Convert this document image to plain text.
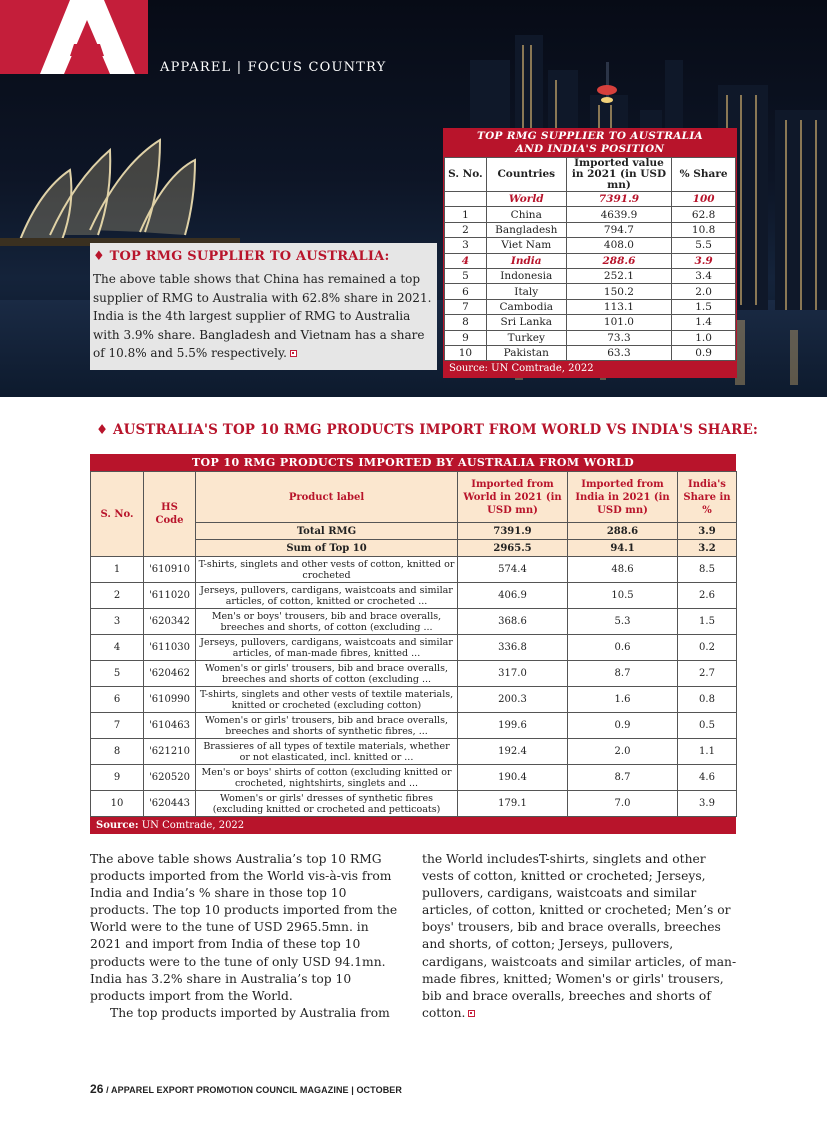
APPAREL | FOCUS COUNTRY
♦ TOP RMG SUPPLIER TO AUSTRALIA:

The above table shows that China has remained a top supplier of RMG to Australia with 62.8% share in 2021. India is the 4th largest supplier of RMG to Australia with 3.9% share. Bangladesh and Vietnam has a share of 10.8% and 5.5% respectively.

TOP RMG SUPPLIER TO AUSTRALIA
AND INDIA'S POSITION
S. No.	Countries	Imported value in 2021 (in USD mn)	% Share
	World	7391.9	100
1	China	4639.9	62.8
2	Bangladesh	794.7	10.8
3	Viet Nam	408.0	5.5
4	India	288.6	3.9
5	Indonesia	252.1	3.4
6	Italy	150.2	2.0
7	Cambodia	113.1	1.5
8	Sri Lanka	101.0	1.4
9	Turkey	73.3	1.0
10	Pakistan	63.3	0.9
Source: UN Comtrade, 2022
♦ AUSTRALIA'S TOP 10 RMG PRODUCTS IMPORT FROM WORLD VS INDIA'S SHARE:
TOP 10 RMG PRODUCTS IMPORTED BY AUSTRALIA FROM WORLD
S. No.	HS Code	Product label	Imported from World in 2021 (in USD mn)	Imported from India in 2021 (in USD mn)	India's Share in %
		Total RMG	7391.9	288.6	3.9
		Sum of Top 10	2965.5	94.1	3.2
1	'610910	T-shirts, singlets and other vests of cotton, knitted or crocheted	574.4	48.6	8.5
2	'611020	Jerseys, pullovers, cardigans, waistcoats and similar articles, of cotton, knitted or crocheted ...	406.9	10.5	2.6
3	'620342	Men's or boys' trousers, bib and brace overalls, breeches and shorts, of cotton (excluding ...	368.6	5.3	1.5
4	'611030	Jerseys, pullovers, cardigans, waistcoats and similar articles, of man-made fibres, knitted ...	336.8	0.6	0.2
5	'620462	Women's or girls' trousers, bib and brace overalls, breeches and shorts of cotton (excluding ...	317.0	8.7	2.7
6	'610990	T-shirts, singlets and other vests of textile materials, knitted or crocheted (excluding cotton)	200.3	1.6	0.8
7	'610463	Women's or girls' trousers, bib and brace overalls, breeches and shorts of synthetic fibres, ...	199.6	0.9	0.5
8	'621210	Brassieres of all types of textile materials, whether or not elasticated, incl. knitted or ...	192.4	2.0	1.1
9	'620520	Men's or boys' shirts of cotton (excluding knitted or crocheted, nightshirts, singlets and ...	190.4	8.7	4.6
10	'620443	Women's or girls' dresses of synthetic fibres (excluding knitted or crocheted and petticoats)	179.1	7.0	3.9
Source: UN Comtrade, 2022

The above table shows Australia’s top 10 RMG products imported from the World vis-à-vis from India and India’s % share in those top 10 products. The top 10 products imported from the World were to the tune of USD 2965.5mn. in 2021 and import from India of these top 10 products were to the tune of only USD 94.1mn. India has 3.2% share in Australia’s top 10 products import from the World.

The top products imported by Australia from

the World includesT-shirts, singlets and other vests of cotton, knitted or crocheted; Jerseys, pullovers, cardigans, waistcoats and similar articles, of cotton, knitted or crocheted; Men’s or boys' trousers, bib and brace overalls, breeches and shorts, of cotton; Jerseys, pullovers, cardigans, waistcoats and similar articles, of man-made fibres, knitted; Women's or girls' trousers, bib and brace overalls, breeches and shorts of cotton.

26 / APPAREL EXPORT PROMOTION COUNCIL MAGAZINE | OCTOBER
